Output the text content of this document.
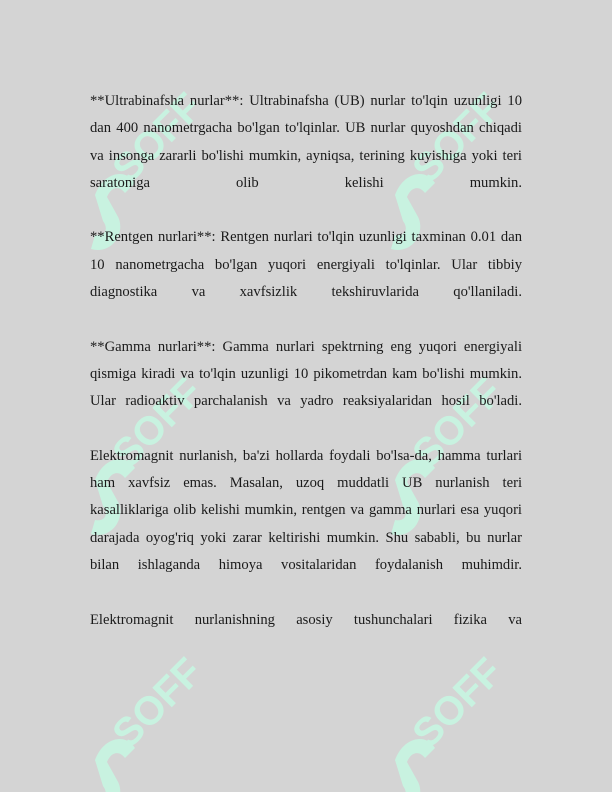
**Ultrabinafsha nurlar**: Ultrabinafsha (UB) nurlar to'lqin uzunligi 10 dan 400 nanometrgacha bo'lgan to'lqinlar. UB nurlar quyoshdan chiqadi va insonga zararli bo'lishi mumkin, ayniqsa, terining kuyishiga yoki teri saratoniga olib kelishi mumkin.

**Rentgen nurlari**: Rentgen nurlari to'lqin uzunligi taxminan 0.01 dan 10 nanometrgacha bo'lgan yuqori energiyali to'lqinlar. Ular tibbiy diagnostika va xavfsizlik tekshiruvlarida qo'llaniladi.

**Gamma nurlari**: Gamma nurlari spektrning eng yuqori energiyali qismiga kiradi va to'lqin uzunligi 10 pikometrdan kam bo'lishi mumkin. Ular radioaktiv parchalanish va yadro reaksiyalaridan hosil bo'ladi.

Elektromagnit nurlanish, ba'zi hollarda foydali bo'lsa-da, hamma turlari ham xavfsiz emas. Masalan, uzoq muddatli UB nurlanish teri kasalliklariga olib kelishi mumkin, rentgen va gamma nurlari esa yuqori darajada oyog'riq yoki zarar keltirishi mumkin. Shu sababli, bu nurlar bilan ishlaganda himoya vositalaridan foydalanish muhimdir.

Elektromagnit nurlanishning asosiy tushunchalari fizika va
